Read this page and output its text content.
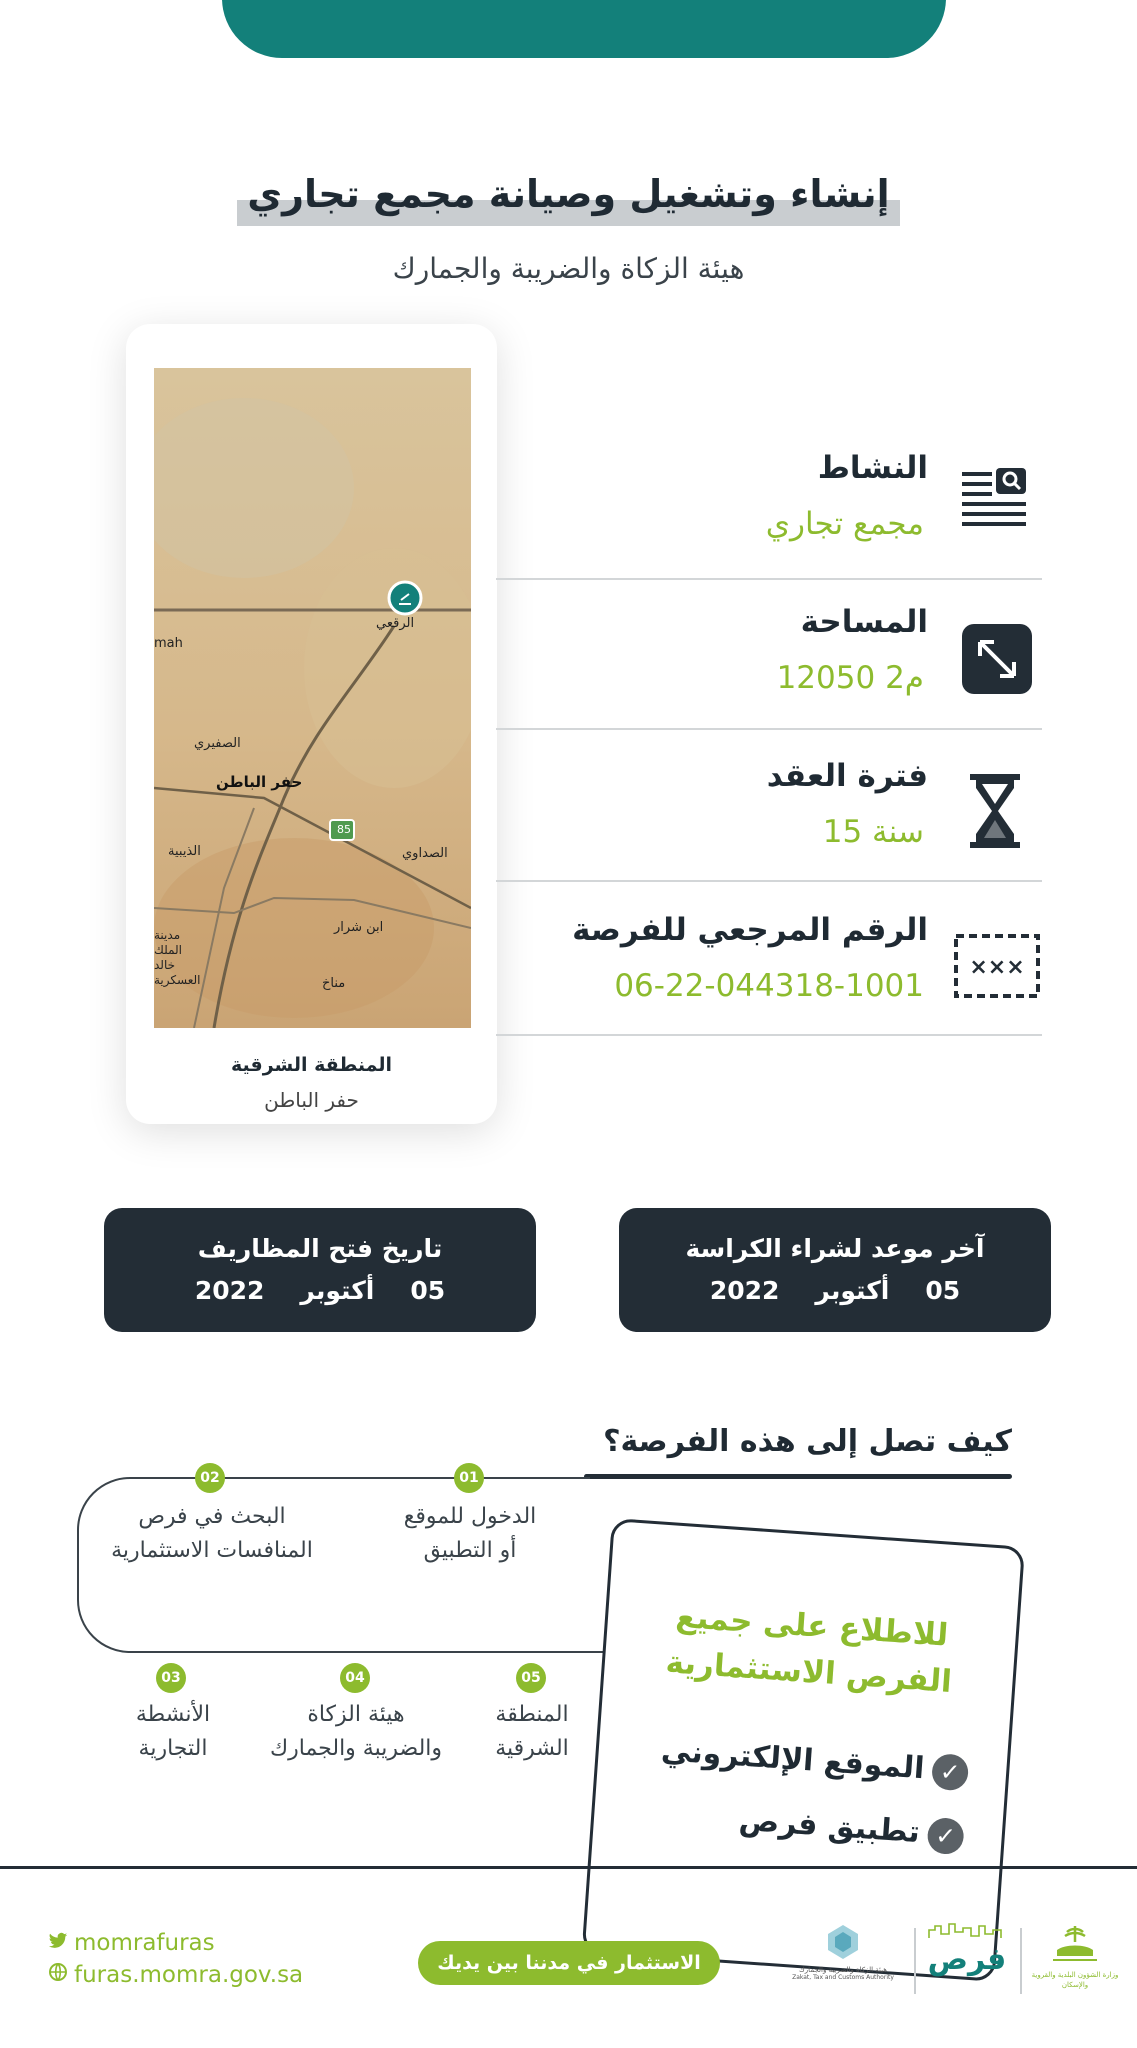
إنشاء وتشغيل وصيانة مجمع تجاري
هيئة الزكاة والضريبة والجمارك
الرقعي
mah
الصفيري
حفر الباطن
الذيبية	الصداوي
ابن شرار
مدينة الملك خالد العسكرية	مناخ
85
المنطقة الشرقية
حفر الباطن
النشاط
مجمع تجاري
المساحة
12050 م2
فترة العقد
15 سنة
الرقم المرجعي للفرصة
06-22-044318-1001
×××
تاريخ فتح المظاريف
2022 أكتوبر 05
آخر موعد لشراء الكراسة
2022 أكتوبر 05
كيف تصل إلى هذه الفرصة؟
01
02
03	04	05
الدخول للموقع
أو التطبيق
البحث في فرص
المنافسات الاستثمارية
الأنشطة
التجارية
هيئة الزكاة
والضريبة والجمارك
المنطقة
الشرقية
للاطلاع على جميع
الفرص الاستثمارية
✓الموقع الإلكتروني
✓تطبيق فرص
momrafuras
furas.momra.gov.sa	الاستثمار في مدننا بين يديك	هيئة الزكاة والضريبة والجمارك
Zakat, Tax and Customs Authority
فرص	وزارة الشؤون البلدية والقروية والإسكان
